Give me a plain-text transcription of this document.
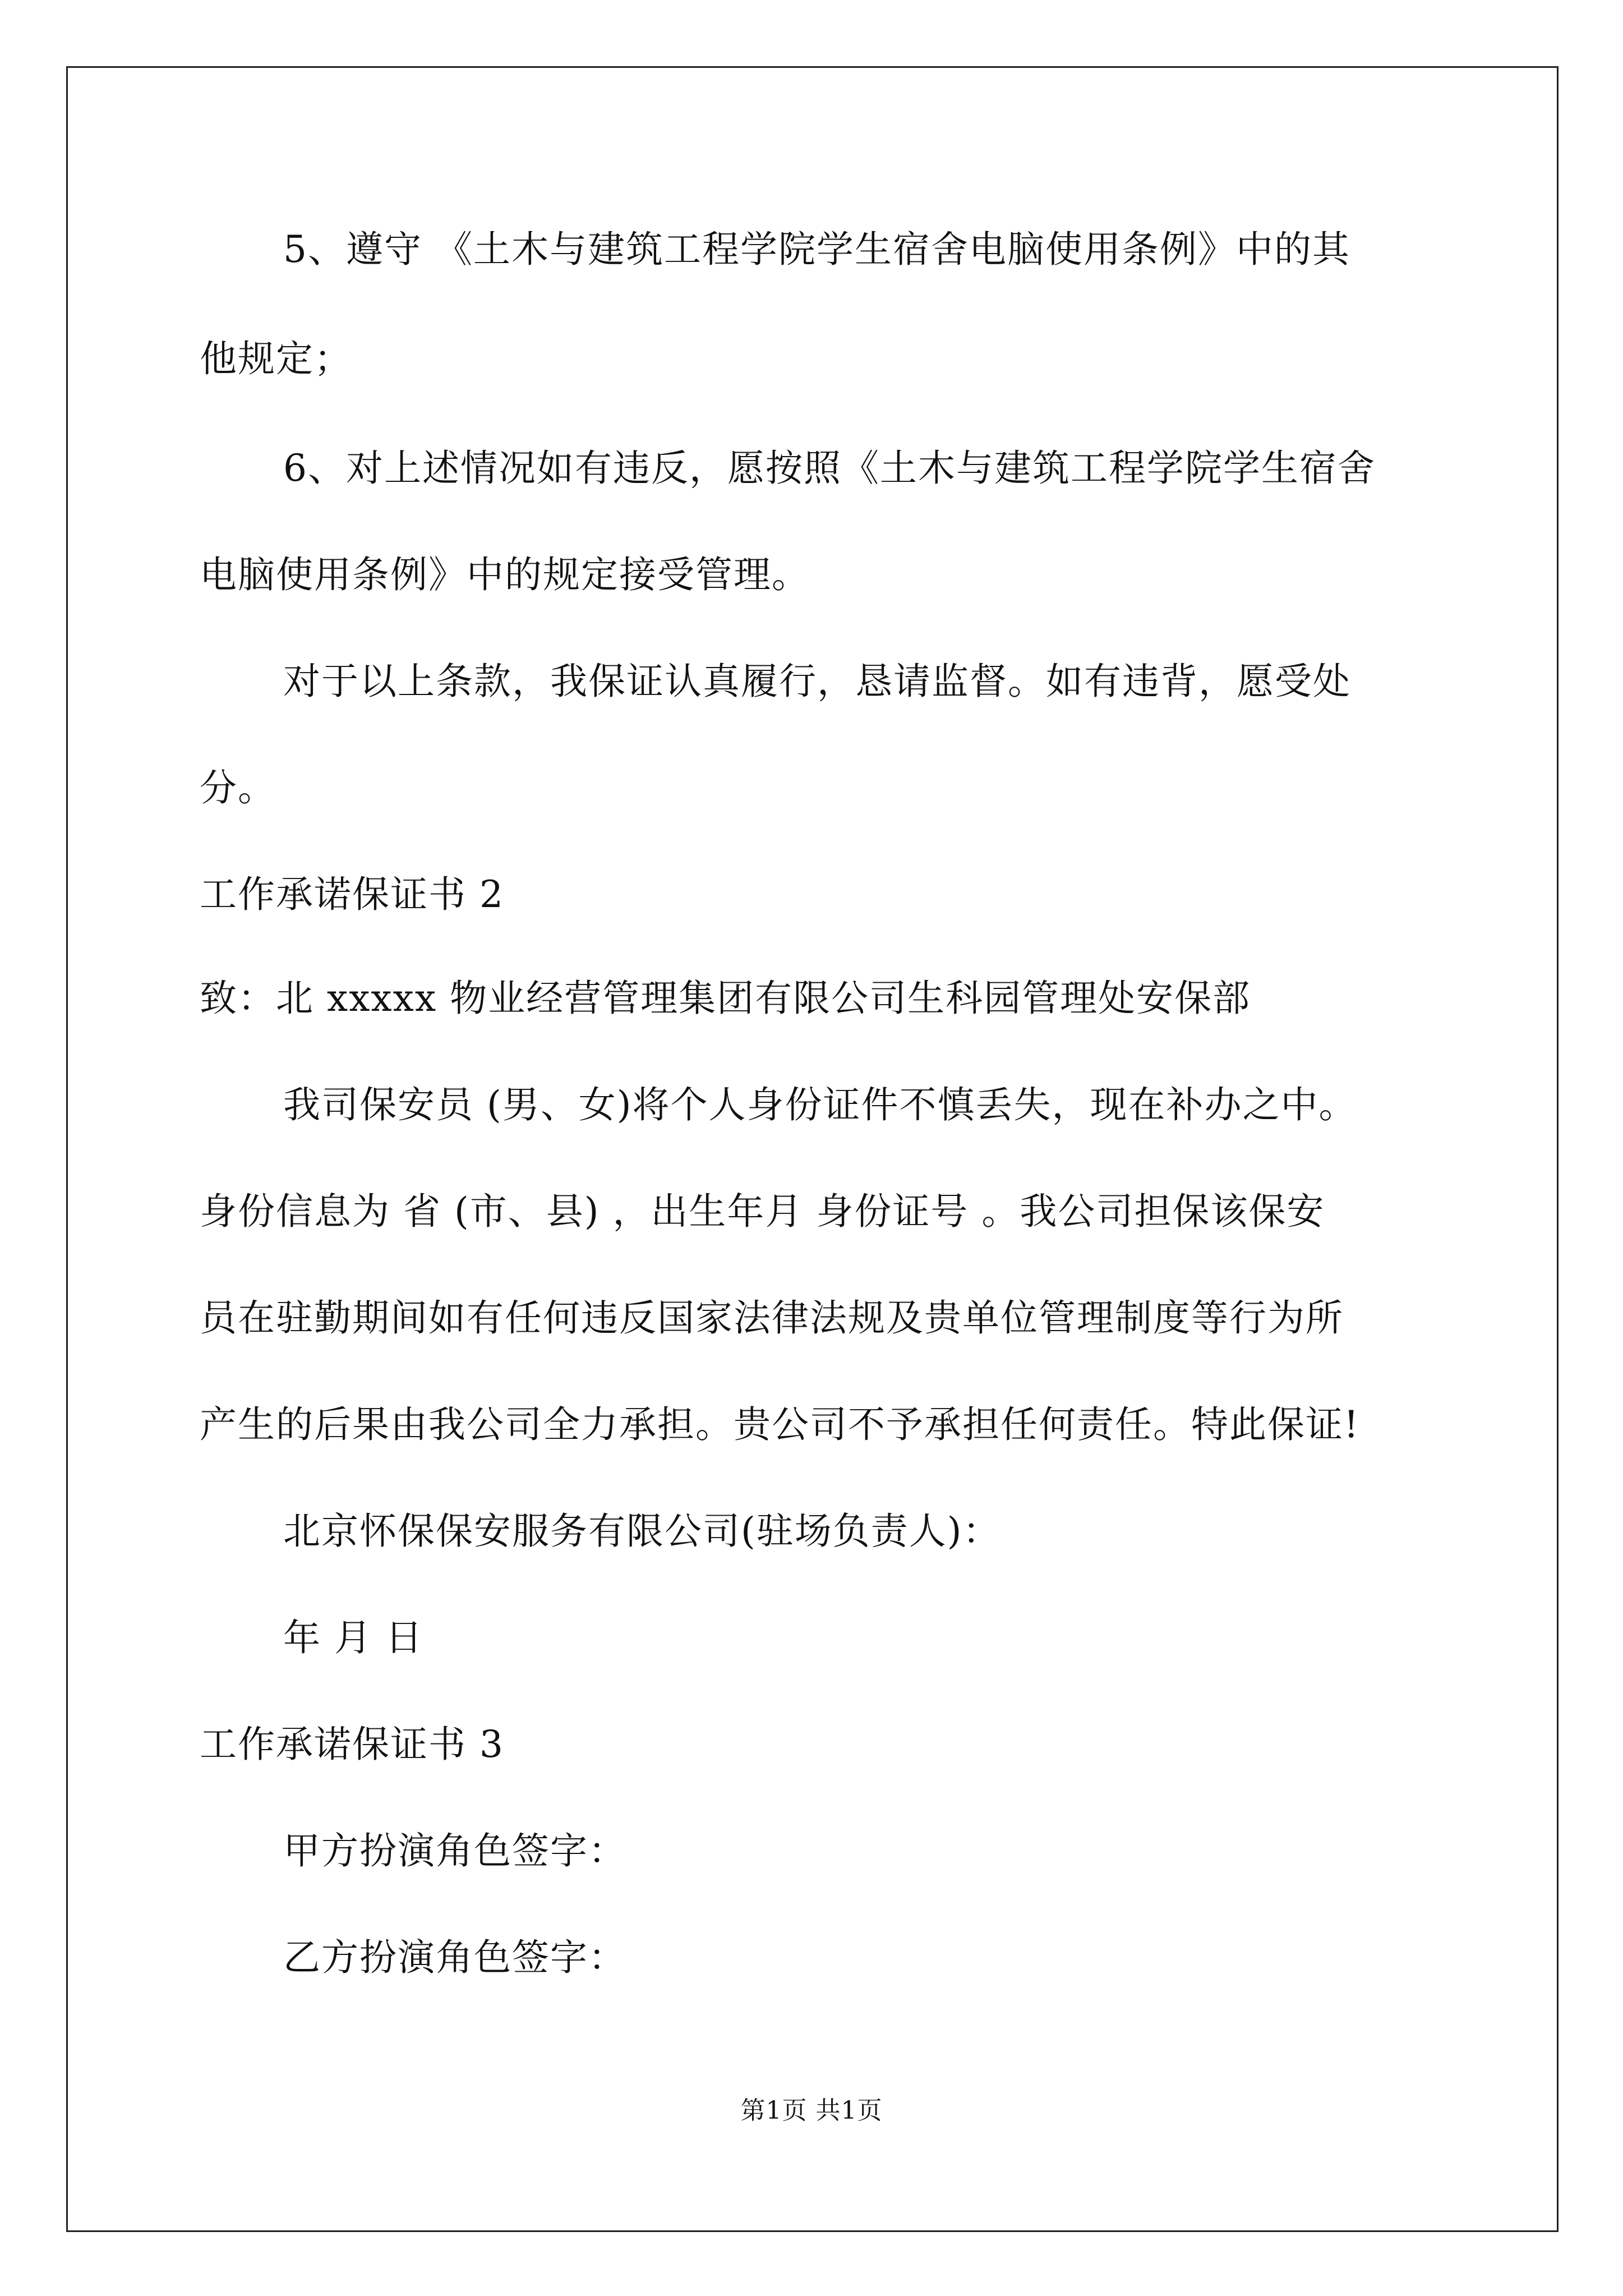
5、遵守 《土木与建筑工程学院学生宿舍电脑使用条例》中的其
他规定；
6、对上述情况如有违反，愿按照《土木与建筑工程学院学生宿舍
电脑使用条例》中的规定接受管理。
对于以上条款，我保证认真履行，恳请监督。如有违背，愿受处
分。
工作承诺保证书 2
致：北 xxxxx 物业经营管理集团有限公司生科园管理处安保部
我司保安员 (男、女)将个人身份证件不慎丢失，现在补办之中。
身份信息为 省 (市、县) ，出生年月 身份证号 。我公司担保该保安
员在驻勤期间如有任何违反国家法律法规及贵单位管理制度等行为所
产生的后果由我公司全力承担。贵公司不予承担任何责任。特此保证!
北京怀保保安服务有限公司(驻场负责人)：
年 月 日
工作承诺保证书 3
甲方扮演角色签字：
乙方扮演角色签字：
第1页 共1页
